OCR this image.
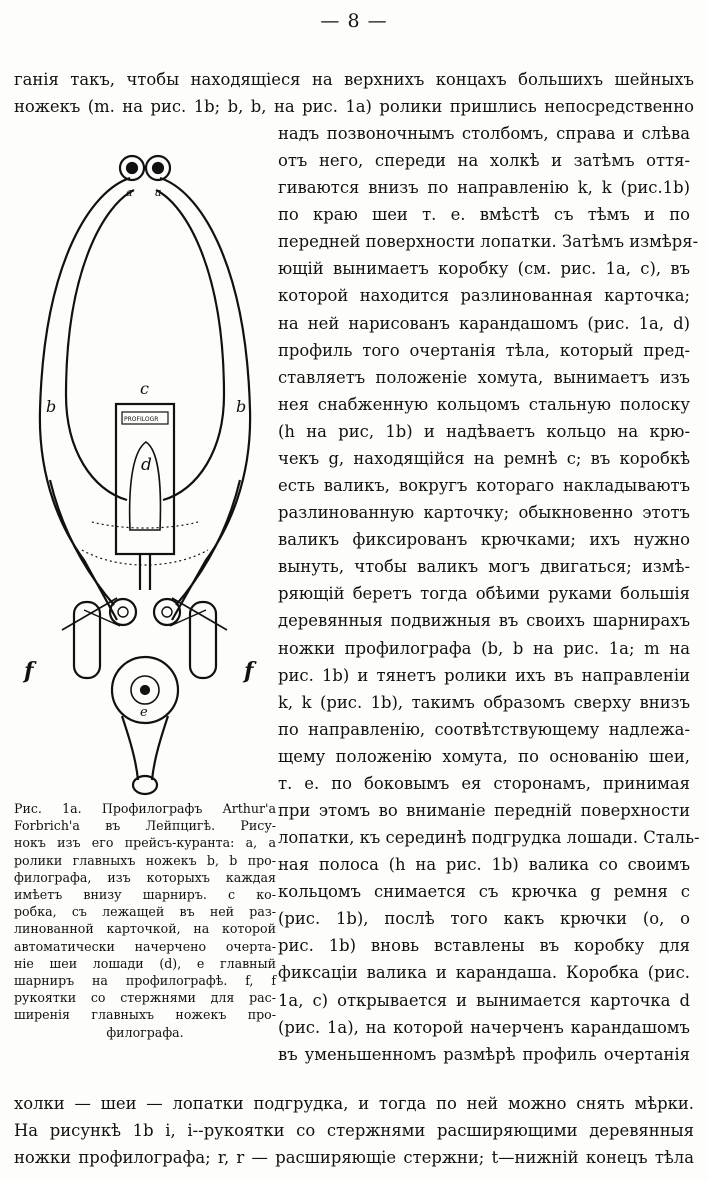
— 8 —
ганія такъ, чтобы находящіеся на верхнихъ концахъ большихъ шейныхъ
ножекъ (m. на рис. 1b; b, b, на рис. 1а) ролики пришлись непосредственно
надъ позвоночнымъ столбомъ, справа и слѣва
отъ него, спереди на холкѣ и затѣмъ оття-
гиваются внизъ по направленію k, k (рис.1b)
по краю шеи т. е. вмѣстѣ съ тѣмъ и по
передней поверхности лопатки. Затѣмъ измѣря-
ющій вынимаетъ коробку (см. рис. 1а, с), въ
которой находится разлинованная карточка;
на ней нарисованъ карандашомъ (рис. 1а, d)
профиль того очертанія тѣла, который пред-
ставляетъ положеніе хомута, вынимаетъ изъ
нея снабженную кольцомъ стальную полоску
(h на рис, 1b) и надѣваетъ кольцо на крю-
чекъ g, находящійся на ремнѣ c; въ коробкѣ
есть валикъ, вокругъ котораго накладываютъ
разлинованную карточку; обыкновенно этотъ
валикъ фиксированъ крючками; ихъ нужно
вынуть, чтобы валикъ могъ двигаться; измѣ-
ряющій беретъ тогда обѣими руками большія
деревянныя подвижныя въ своихъ шарнирахъ
ножки профилографа (b, b на рис. 1а; m на
рис. 1b) и тянетъ ролики ихъ въ направленіи
k, k (рис. 1b), такимъ образомъ сверху внизъ
по направленію, соотвѣтствующему надлежа-
щему положенію хомута, по основанію шеи,
т. е. по боковымъ ея сторонамъ, принимая
при этомъ во вниманіе передній поверхности
лопатки, къ серединѣ подгрудка лошади. Сталь-
ная полоса (h на рис. 1b) валика со своимъ
кольцомъ снимается съ крючка g ремня с
(рис. 1b), послѣ того какъ крючки (о, о
рис. 1b) вновь вставлены въ коробку для
фиксаціи валика и карандаша. Коробка (рис.
1а, с) открывается и вынимается карточка d
(рис. 1а), на которой начерченъ карандашомъ
въ уменьшенномъ размѣрѣ профиль очертанія
a a
b	b
c
d
e
f	f
PROFILOGR
Рис. 1а. Профилографъ Arthur'a
Forbrich'a въ Лейпцигѣ. Рису-
нокъ изъ его прейсъ-куранта: а, а
ролики главныхъ ножекъ b, b про-
филографа, изъ которыхъ каждая
имѣетъ внизу шарниръ. с ко-
робка, съ лежащей въ ней раз-
линованной карточкой, на которой
автоматически начерчено очерта-
ніе шеи лошади (d), е главный
шарниръ на профилографѣ. f, f
рукоятки со стержнями для рас-
ширенія главныхъ ножекъ про-
филографа.
холки — шеи — лопатки подгрудка, и тогда по ней можно снять мѣрки.
На рисункѣ 1b i, i--рукоятки со стержнями расширяющими деревянныя
ножки профилографа; r, r — расширяющіе стержни; t—нижній конецъ тѣла
